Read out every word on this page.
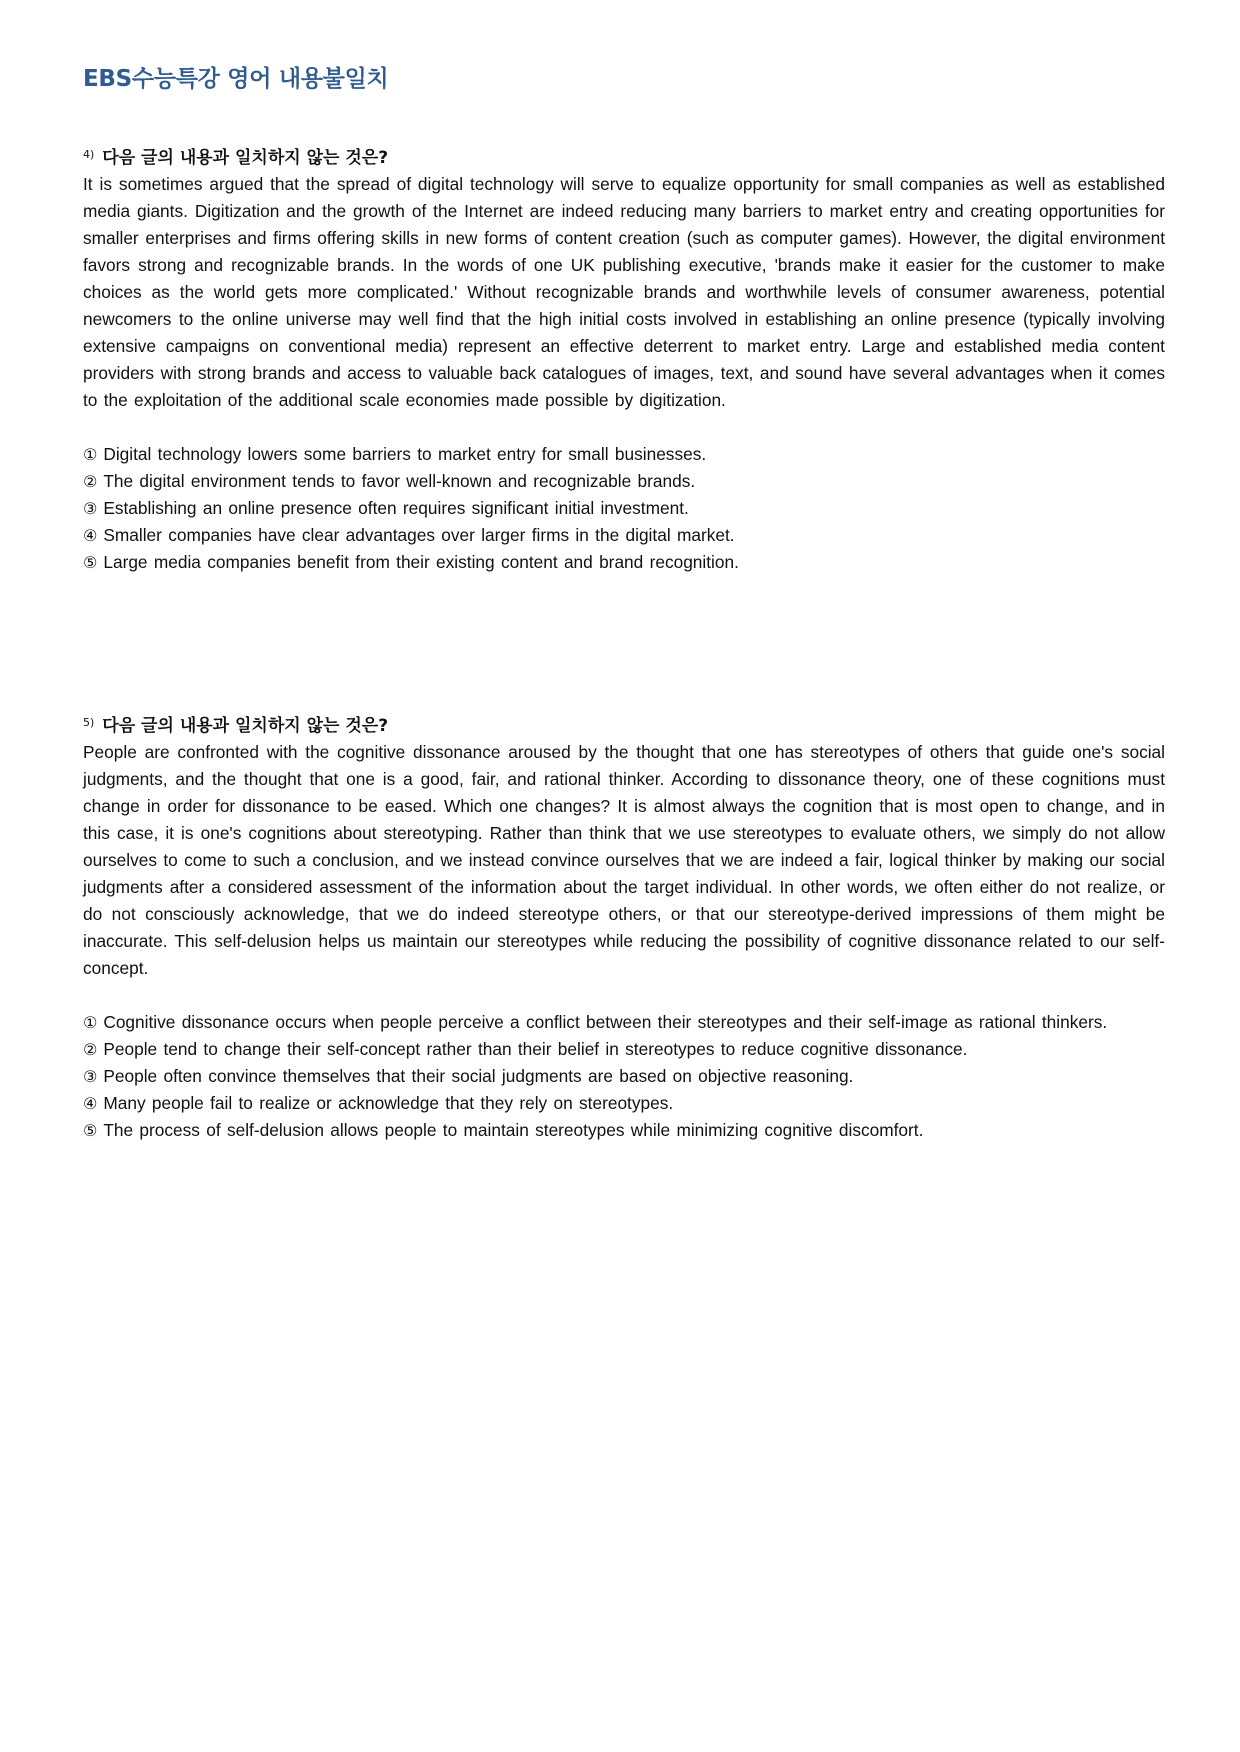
EBS수능특강 영어 내용불일치
$^{4)}$ 다음 글의 내용과 일치하지 않는 것은?

It is sometimes argued that the spread of digital technology will serve to equalize opportunity for small companies as well as established media giants. Digitization and the growth of the Internet are indeed reducing many barriers to market entry and creating opportunities for smaller enterprises and firms offering skills in new forms of content creation (such as computer games). However, the digital environment favors strong and recognizable brands. In the words of one UK publishing executive, 'brands make it easier for the customer to make choices as the world gets more complicated.' Without recognizable brands and worthwhile levels of consumer awareness, potential newcomers to the online universe may well find that the high initial costs involved in establishing an online presence (typically involving extensive campaigns on conventional media) represent an effective deterrent to market entry. Large and established media content providers with strong brands and access to valuable back catalogues of images, text, and sound have several advantages when it comes to the exploitation of the additional scale economies made possible by digitization.

① Digital technology lowers some barriers to market entry for small businesses.
② The digital environment tends to favor well-known and recognizable brands.
③ Establishing an online presence often requires significant initial investment.
④ Smaller companies have clear advantages over larger firms in the digital market.
⑤ Large media companies benefit from their existing content and brand recognition.
$^{5)}$ 다음 글의 내용과 일치하지 않는 것은?

People are confronted with the cognitive dissonance aroused by the thought that one has stereotypes of others that guide one's social judgments, and the thought that one is a good, fair, and rational thinker. According to dissonance theory, one of these cognitions must change in order for dissonance to be eased. Which one changes? It is almost always the cognition that is most open to change, and in this case, it is one's cognitions about stereotyping. Rather than think that we use stereotypes to evaluate others, we simply do not allow ourselves to come to such a conclusion, and we instead convince ourselves that we are indeed a fair, logical thinker by making our social judgments after a considered assessment of the information about the target individual. In other words, we often either do not realize, or do not consciously acknowledge, that we do indeed stereotype others, or that our stereotype-derived impressions of them might be inaccurate. This self-delusion helps us maintain our stereotypes while reducing the possibility of cognitive dissonance related to our self-concept.

① Cognitive dissonance occurs when people perceive a conflict between their stereotypes and their self-image as rational thinkers.
② People tend to change their self-concept rather than their belief in stereotypes to reduce cognitive dissonance.
③ People often convince themselves that their social judgments are based on objective reasoning.
④ Many people fail to realize or acknowledge that they rely on stereotypes.
⑤ The process of self-delusion allows people to maintain stereotypes while minimizing cognitive discomfort.
